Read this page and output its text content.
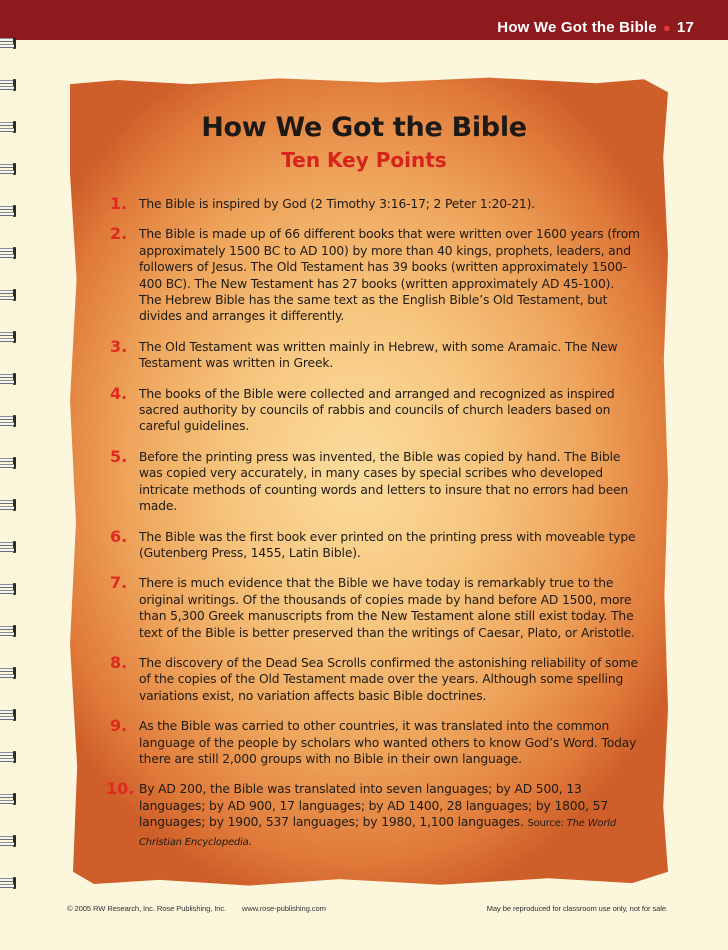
How We Got the Bible ● 17
How We Got the Bible
Ten Key Points
1. The Bible is inspired by God (2 Timothy 3:16-17; 2 Peter 1:20-21).
2. The Bible is made up of 66 different books that were written over 1600 years (from approximately 1500 BC to AD 100) by more than 40 kings, prophets, leaders, and followers of Jesus. The Old Testament has 39 books (written approximately 1500-400 BC). The New Testament has 27 books (written approximately AD 45-100). The Hebrew Bible has the same text as the English Bible’s Old Testament, but divides and arranges it differently.
3. The Old Testament was written mainly in Hebrew, with some Aramaic. The New Testament was written in Greek.
4. The books of the Bible were collected and arranged and recognized as inspired sacred authority by councils of rabbis and councils of church leaders based on careful guidelines.
5. Before the printing press was invented, the Bible was copied by hand. The Bible was copied very accurately, in many cases by special scribes who developed intricate methods of counting words and letters to insure that no errors had been made.
6. The Bible was the first book ever printed on the printing press with moveable type (Gutenberg Press, 1455, Latin Bible).
7. There is much evidence that the Bible we have today is remarkably true to the original writings. Of the thousands of copies made by hand before AD 1500, more than 5,300 Greek manuscripts from the New Testament alone still exist today. The text of the Bible is better preserved than the writings of Caesar, Plato, or Aristotle.
8. The discovery of the Dead Sea Scrolls confirmed the astonishing reliability of some of the copies of the Old Testament made over the years. Although some spelling variations exist, no variation affects basic Bible doctrines.
9. As the Bible was carried to other countries, it was translated into the common language of the people by scholars who wanted others to know God’s Word. Today there are still 2,000 groups with no Bible in their own language.
10. By AD 200, the Bible was translated into seven languages; by AD 500, 13 languages; by AD 900, 17 languages; by AD 1400, 28 languages; by 1800, 57 languages; by 1900, 537 languages; by 1980, 1,100 languages. Source: The World Christian Encyclopedia.
© 2005 RW Research, Inc. Rose Publishing, Inc. www.rose-publishing.com	May be reproduced for classroom use only, not for sale.
